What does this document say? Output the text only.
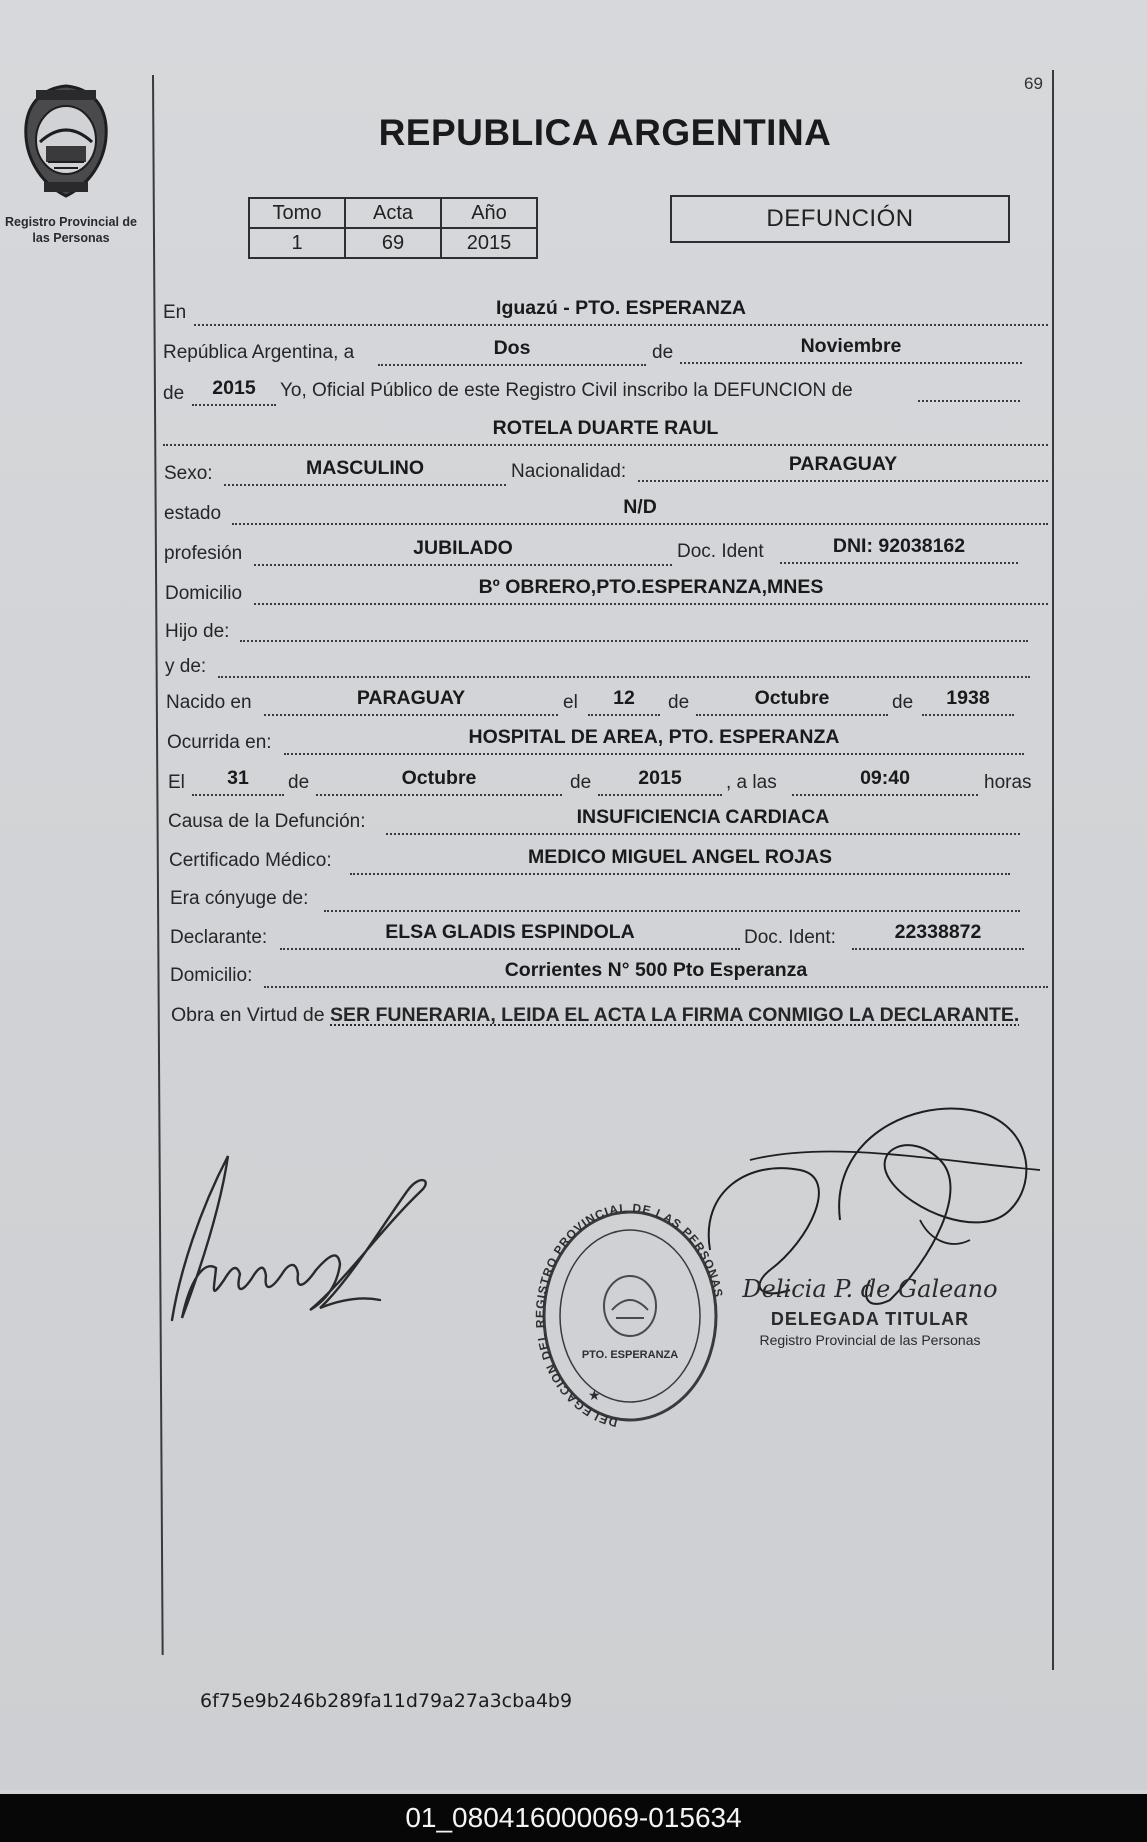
Registro Provincial de
las Personas
69
REPUBLICA ARGENTINA
Tomo	Acta	Año
1	69	2015
DEFUNCIÓN
En	Iguazú - PTO. ESPERANZA
República Argentina, a	Dos	de	Noviembre
de	2015	Yo, Oficial Público de este Registro Civil inscribo la DEFUNCION de
ROTELA DUARTE RAUL
Sexo:	MASCULINO	Nacionalidad:	PARAGUAY
estado	N/D
profesión	JUBILADO	Doc. Ident	DNI: 92038162
Domicilio	Bº OBRERO,PTO.ESPERANZA,MNES
Hijo de:
y de:
Nacido en	PARAGUAY	el	12	de	Octubre	de	1938
Ocurrida en:	HOSPITAL DE AREA, PTO. ESPERANZA
El	31	de	Octubre	de	2015	, a las	09:40	horas
Causa de la Defunción:	INSUFICIENCIA CARDIACA
Certificado Médico:	MEDICO MIGUEL ANGEL ROJAS
Era cónyuge de:
Declarante:	ELSA GLADIS ESPINDOLA	Doc. Ident:	22338872
Domicilio:	Corrientes N° 500 Pto Esperanza
Obra en Virtud de SER FUNERARIA, LEIDA EL ACTA LA FIRMA CONMIGO LA DECLARANTE.
DELEGACION DEL REGISTRO PROVINCIAL DE LAS PERSONAS
PTO. ESPERANZA
★
Delicia P. de Galeano
DELEGADA TITULAR
Registro Provincial de las Personas
6f75e9b246b289fa11d79a27a3cba4b9
01_080416000069-015634
